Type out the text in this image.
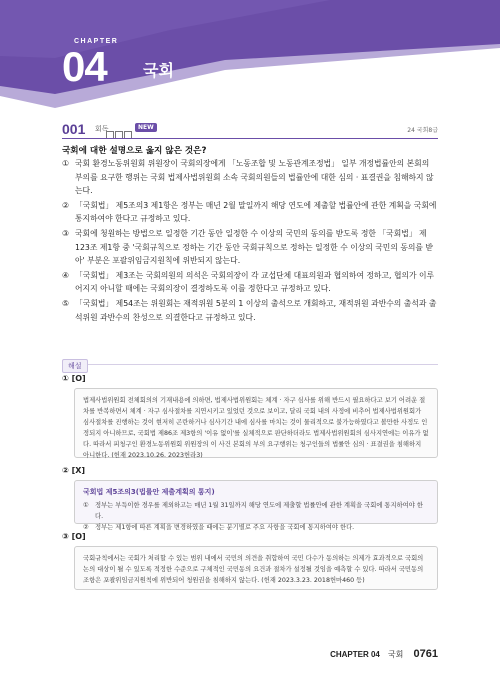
CHAPTER
04 국회
001 회독	NEW	24 국회8급
국회에 대한 설명으로 옳지 않은 것은?
① 국회 환경노동위원회 위원장이 국회의장에게 「노동조합 및 노동관계조정법」 일부 개정법률안의 본회의 부의를 요구한 행위는 국회 법제사법위원회 소속 국회의원들의 법률안에 대한 심의 · 표결권을 침해하지 않는다.
② 「국회법」 제5조의3 제1항은 정부는 매년 2월 말일까지 해당 연도에 제출할 법률안에 관한 계획을 국회에 통지하여야 한다고 규정하고 있다.
③ 국회에 청원하는 방법으로 일정한 기간 동안 일정한 수 이상의 국민의 동의를 받도록 정한 「국회법」 제123조 제1항 중 '국회규칙으로 정하는 기간 동안 국회규칙으로 정하는 일정한 수 이상의 국민의 동의를 받아' 부분은 포괄위임금지원칙에 위반되지 않는다.
④ 「국회법」 제3조는 국회의원의 의석은 국회의장이 각 교섭단체 대표의원과 협의하여 정하고, 협의가 이루어지지 아니할 때에는 국회의장이 결정하도록 이를 정한다고 규정하고 있다.
⑤ 「국회법」 제54조는 위원회는 재적위원 5분의 1 이상의 출석으로 개회하고, 재적위원 과반수의 출석과 출석위원 과반수의 찬성으로 의결한다고 규정하고 있다.
해설
① [O]
법제사법위원회 전체회의의 기재내용에 의하면, 법제사법위원회는 체계 · 자구 심사를 위해 반드시 필요하다고 보기 어려운 절차를 반복하면서 체계 · 자구 심사절차를 지연시키고 있었던 것으로 보이고, 달리 국회 내의 사정에 비추어 법제사법위원회가 심사절차를 진행하는 것이 현저히 곤란하거나 심사기간 내에 심사를 마치는 것이 물리적으로 불가능하였다고 볼만한 사정도 인정되지 아니하므로, 국회법 제86조 제3항의 '이유 없이'를 실체적으로 판단하더라도 법제사법위원회의 심사지연에는 이유가 없다. 따라서 피청구인 환경노동위원회 위원장의 이 사건 본회의 부의 요구행위는 청구인들의 법률안 심의 · 표결권을 침해하지 아니한다. (헌재 2023.10.26. 2023헌라3)
② [X]
국회법 제5조의3(법률안 제출계획의 통지)
① 정부는 부득이한 경우를 제외하고는 매년 1월 31일까지 해당 연도에 제출할 법률안에 관한 계획을 국회에 통지하여야 한다.
② 정부는 제1항에 따른 계획을 변경하였을 때에는 분기별로 주요 사항을 국회에 통지하여야 한다.
③ [O]
국회규칙에서는 국회가 처리할 수 있는 범위 내에서 국민의 의견을 취합하여 국민 다수가 동의하는 의제가 효과적으로 국회의 논의 대상이 될 수 있도록 적정한 수준으로 구체적인 국민동의 요건과 절차가 설정될 것임을 예측할 수 있다. 따라서 국민동의조항은 포괄위임금지원칙에 위반되어 청원권을 침해하지 않는다. (헌재 2023.3.23. 2018헌마460 등)
CHAPTER 04 국회 0761
